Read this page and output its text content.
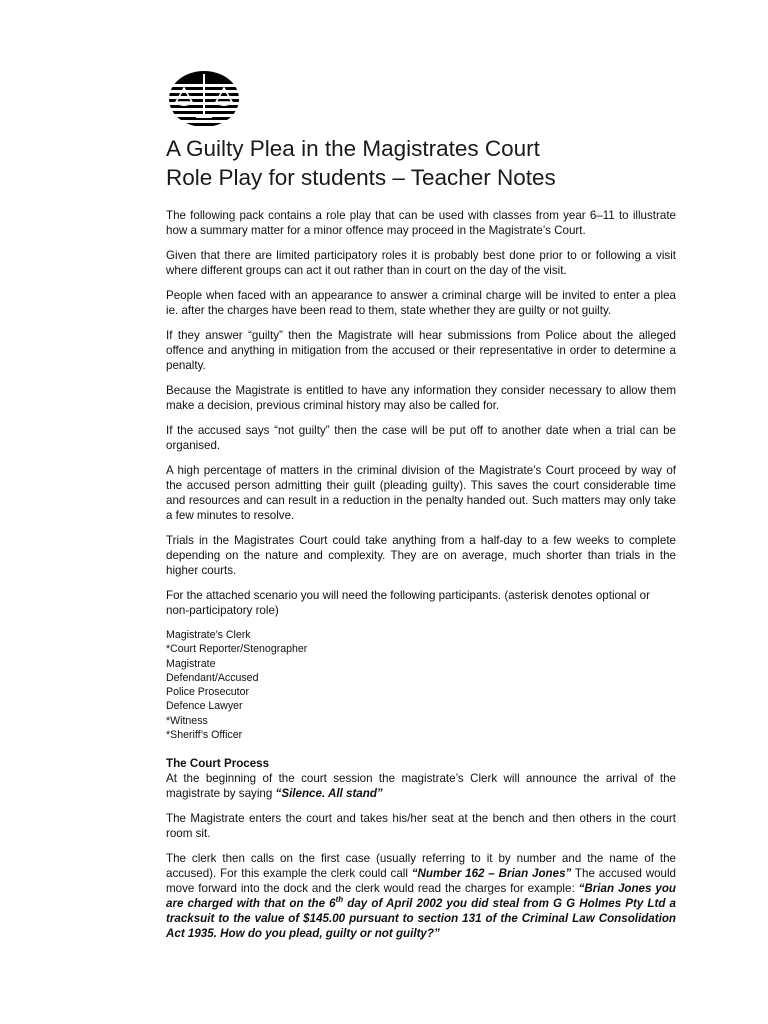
A Guilty Plea in the Magistrates Court
Role Play for students – Teacher Notes

The following pack contains a role play that can be used with classes from year 6–11 to illustrate how a summary matter for a minor offence may proceed in the Magistrate’s Court.

Given that there are limited participatory roles it is probably best done prior to or following a visit where different groups can act it out rather than in court on the day of the visit.

People when faced with an appearance to answer a criminal charge will be invited to enter a plea ie. after the charges have been read to them, state whether they are guilty or not guilty.

If they answer “guilty” then the Magistrate will hear submissions from Police about the alleged offence and anything in mitigation from the accused or their representative in order to determine a penalty.

Because the Magistrate is entitled to have any information they consider necessary to allow them make a decision, previous criminal history may also be called for.

If the accused says “not guilty” then the case will be put off to another date when a trial can be organised.

A high percentage of matters in the criminal division of the Magistrate’s Court proceed by way of the accused person admitting their guilt (pleading guilty). This saves the court considerable time and resources and can result in a reduction in the penalty handed out. Such matters may only take a few minutes to resolve.

Trials in the Magistrates Court could take anything from a half-day to a few weeks to complete depending on the nature and complexity. They are on average, much shorter than trials in the higher courts.

For the attached scenario you will need the following participants. (asterisk denotes optional or non-participatory role)

Magistrate’s Clerk
*Court Reporter/Stenographer
Magistrate
Defendant/Accused
Police Prosecutor
Defence Lawyer
*Witness
*Sheriff’s Officer
The Court Process

At the beginning of the court session the magistrate’s Clerk will announce the arrival of the magistrate by saying “Silence. All stand”

The Magistrate enters the court and takes his/her seat at the bench and then others in the court room sit.

The clerk then calls on the first case (usually referring to it by number and the name of the accused). For this example the clerk could call “Number 162 – Brian Jones” The accused would move forward into the dock and the clerk would read the charges for example: “Brian Jones you are charged with that on the 6th day of April 2002 you did steal from G G Holmes Pty Ltd a tracksuit to the value of $145.00 pursuant to section 131 of the Criminal Law Consolidation Act 1935. How do you plead, guilty or not guilty?”
